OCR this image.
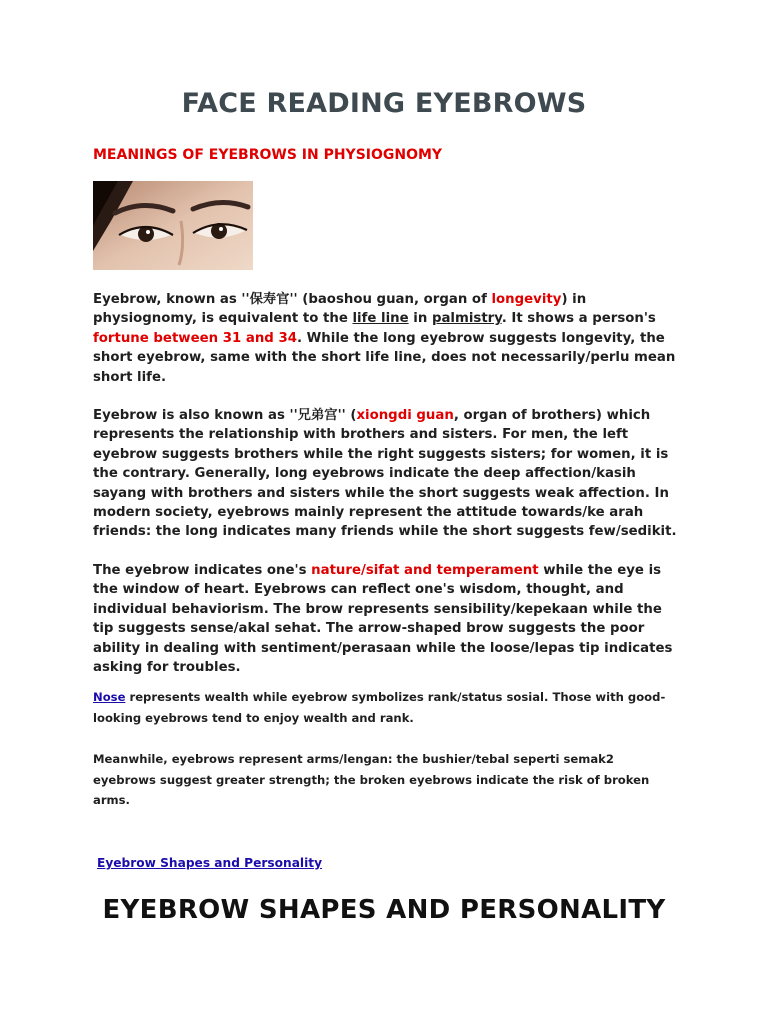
FACE READING EYEBROWS
MEANINGS OF EYEBROWS IN PHYSIOGNOMY

Eyebrow, known as ''保寿官'' (baoshou guan, organ of longevity) in physiognomy, is equivalent to the life line in palmistry. It shows a person's fortune between 31 and 34. While the long eyebrow suggests longevity, the short eyebrow, same with the short life line, does not necessarily/perlu mean short life.

Eyebrow is also known as ''兄弟宫'' (xiongdi guan, organ of brothers) which represents the relationship with brothers and sisters. For men, the left eyebrow suggests brothers while the right suggests sisters; for women, it is the contrary. Generally, long eyebrows indicate the deep affection/kasih sayang with brothers and sisters while the short suggests weak affection. In modern society, eyebrows mainly represent the attitude towards/ke arah friends: the long indicates many friends while the short suggests few/sedikit.

The eyebrow indicates one's nature/sifat and temperament while the eye is the window of heart. Eyebrows can reflect one's wisdom, thought, and individual behaviorism. The brow represents sensibility/kepekaan while the tip suggests sense/akal sehat. The arrow-shaped brow suggests the poor ability in dealing with sentiment/perasaan while the loose/lepas tip indicates asking for troubles.

Nose represents wealth while eyebrow symbolizes rank/status sosial. Those with good-looking eyebrows tend to enjoy wealth and rank.

Meanwhile, eyebrows represent arms/lengan: the bushier/tebal seperti semak2 eyebrows suggest greater strength; the broken eyebrows indicate the risk of broken arms.

Eyebrow Shapes and Personality
EYEBROW SHAPES AND PERSONALITY
